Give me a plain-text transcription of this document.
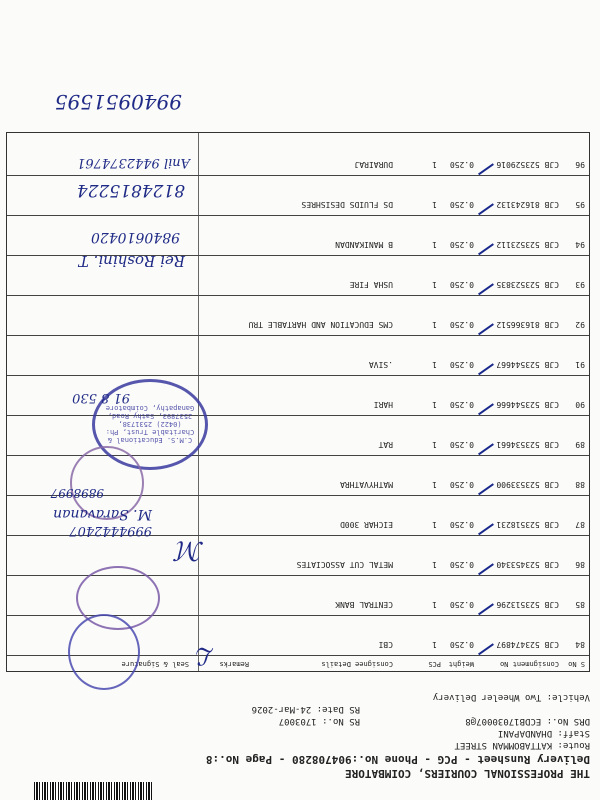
THE PROFESSIONAL COURIERS, COIMBATORE
Delivery Runsheet - PCG - Phone No.:904708280 - Page No.:8
Route: KATTABOMMAN STREET
Staff: DHANDAPANI
DRS No.: ECDB17030007@8
RS No.: 1703007
RS Date: 24-Mar-2026
Vehicle: Two Wheeler Delivery
S No
Consignment No
Weight
PCS
Consignee Details
Remarks
Seal & Signature
84
CJB 523474897
0.250
1
CBI
85
CJB 523513296
0.250
1
CENTRAL BANK
86
CJB 523453340
0.250
1
METAL CUT ASSOCIATES
87
CJB 523518231
0.250
1
EICHAR 300D
88
CJB 523533900
0.250
1
MATHYVATHRA
89
CJB 523534661
0.250
1
RAT
90
CJB 523544666
0.250
1
HARI
91
CJB 523544667
0.250
1
.SIVA
92
CJB 816366512
0.250
1
CMS EDUCATION AND HARTABLE TRU
93
CJB 523523835
0.250
1
USHA FIRE
94
CJB 523523112
0.250
1
B MANIKANDAN
95
CJB 816243132
0.250
1
DS FLUIDS DESISHRES
96
CJB 523529016
0.250
1
DURAIRAJ
C.M.S. Educational & Charitable Trust, Ph: (0422) 2531738, 2537893, Sathy Road, Ganapathy, Coimbatore
9940951595
8124815224
Anil 9442374761
Rei Roshini. T
9840610420
91 8 530
9898997
M. Saravanan
9994442407
ℒ
ℳ
